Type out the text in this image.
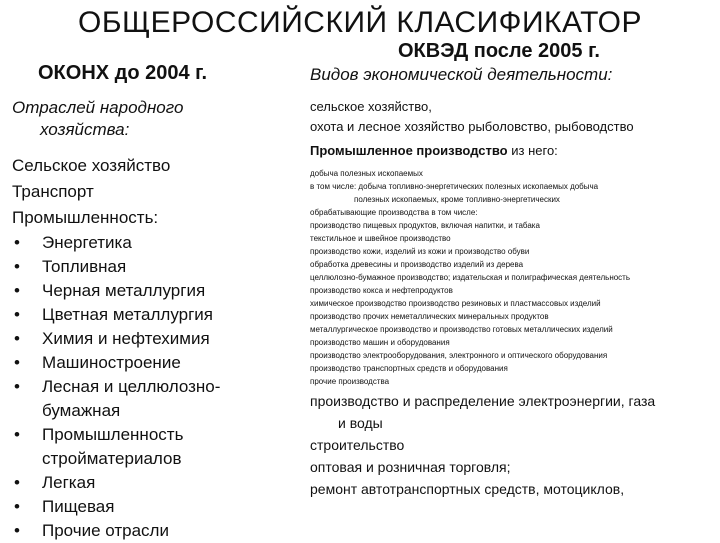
ОБЩЕРОССИЙСКИЙ КЛАСИФИКАТОР
ОКОНХ до 2004 г.
Отраслей народного
хозяйства:
Сельское хозяйство
Транспорт
Промышленность:
• Энергетика
• Топливная
• Черная металлургия
• Цветная металлургия
• Химия и нефтехимия
• Машиностроение
• Лесная и целлюлозно-бумажная
• Промышленность стройматериалов
• Легкая
• Пищевая
• Прочие отрасли
ОКВЭД после 2005 г.
Видов экономической деятельности:
сельское хозяйство,
охота и лесное хозяйство рыболовство, рыбоводство
Промышленное производство из него:
добыча полезных ископаемых
в том числе: добыча топливно-энергетических полезных ископаемых добыча
полезных ископаемых, кроме топливно-энергетических
обрабатывающие производства в том числе:
производство пищевых продуктов, включая напитки, и табака
текстильное и швейное производство
производство кожи, изделий из кожи и производство обуви
обработка древесины и производство изделий из дерева
целлюлозно-бумажное производство; издательская и полиграфическая деятельность
производство кокса и нефтепродуктов
химическое производство производство резиновых и пластмассовых изделий
производство прочих неметаллических минеральных продуктов
металлургическое производство и производство готовых металлических изделий
производство машин и оборудования
производство электрооборудования, электронного и оптического оборудования
производство транспортных средств и оборудования
прочие производства
производство и распределение электроэнергии, газа
и воды
строительство
оптовая и розничная торговля;
ремонт автотранспортных средств, мотоциклов,
